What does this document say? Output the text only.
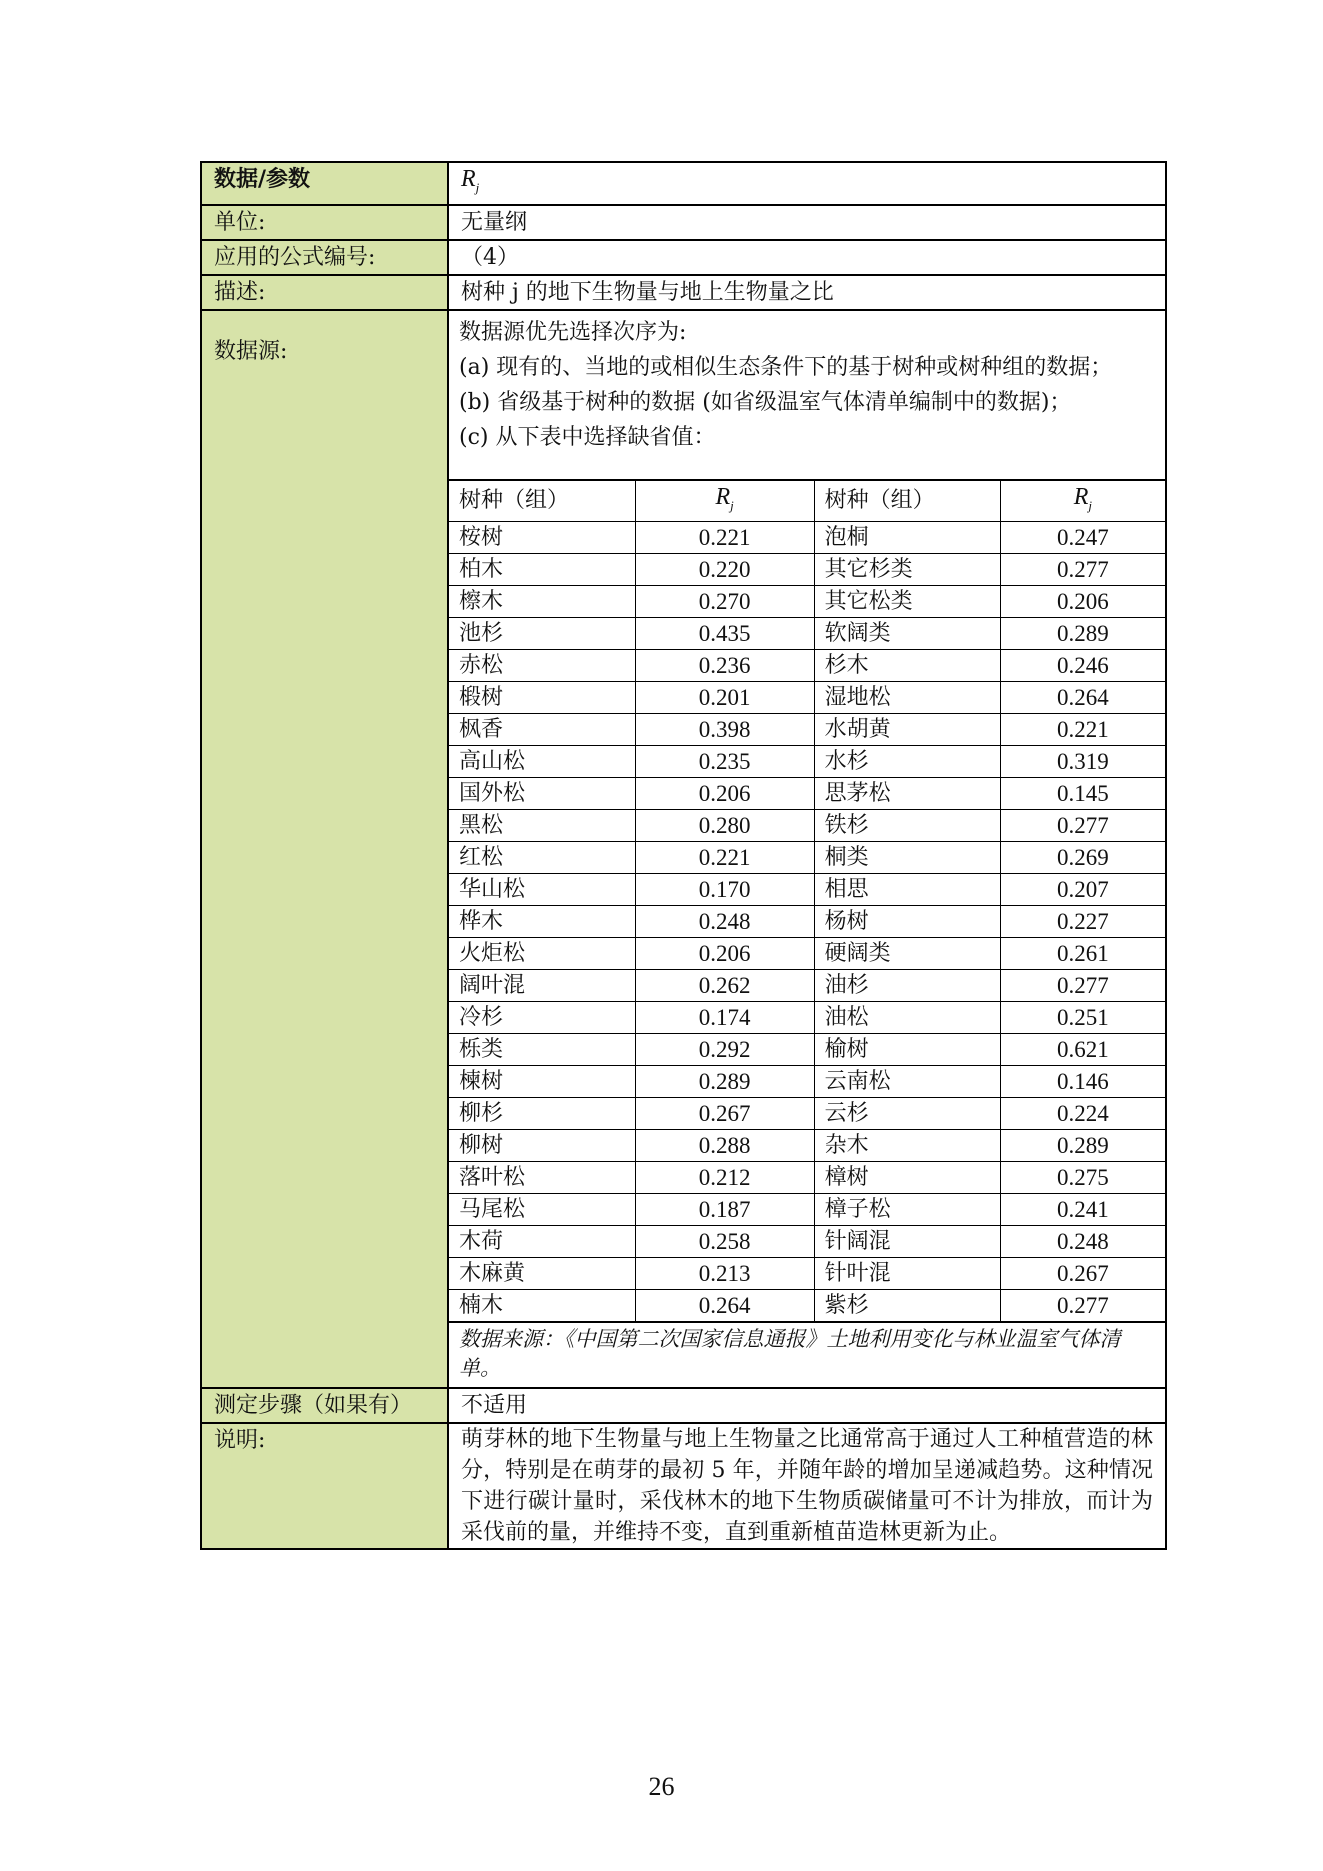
数据/参数	$R_j$
单位:	无量纲
应用的公式编号:	（4）
描述:	树种 j 的地下生物量与地上生物量之比
数据源:	
数据源优先选择次序为:
(a) 现有的、当地的或相似生态条件下的基于树种或树种组的数据；
(b) 省级基于树种的数据 (如省级温室气体清单编制中的数据)；
(c) 从下表中选择缺省值：
树种（组）	$R_j$	树种（组）	$R_j$
桉树	0.221	泡桐	0.247
柏木	0.220	其它杉类	0.277
檫木	0.270	其它松类	0.206
池杉	0.435	软阔类	0.289
赤松	0.236	杉木	0.246
椴树	0.201	湿地松	0.264
枫香	0.398	水胡黄	0.221
高山松	0.235	水杉	0.319
国外松	0.206	思茅松	0.145
黑松	0.280	铁杉	0.277
红松	0.221	桐类	0.269
华山松	0.170	相思	0.207
桦木	0.248	杨树	0.227
火炬松	0.206	硬阔类	0.261
阔叶混	0.262	油杉	0.277
冷杉	0.174	油松	0.251
栎类	0.292	榆树	0.621
楝树	0.289	云南松	0.146
柳杉	0.267	云杉	0.224
柳树	0.288	杂木	0.289
落叶松	0.212	樟树	0.275
马尾松	0.187	樟子松	0.241
木荷	0.258	针阔混	0.248
木麻黄	0.213	针叶混	0.267
楠木	0.264	紫杉	0.277
数据来源：《中国第二次国家信息通报》土地利用变化与林业温室气体清单。

测定步骤（如果有）	不适用
说明:	萌芽林的地下生物量与地上生物量之比通常高于通过人工种植营造的林分，特别是在萌芽的最初 5 年，并随年龄的增加呈递减趋势。这种情况下进行碳计量时，采伐林木的地下生物质碳储量可不计为排放，而计为采伐前的量，并维持不变，直到重新植苗造林更新为止。
26
